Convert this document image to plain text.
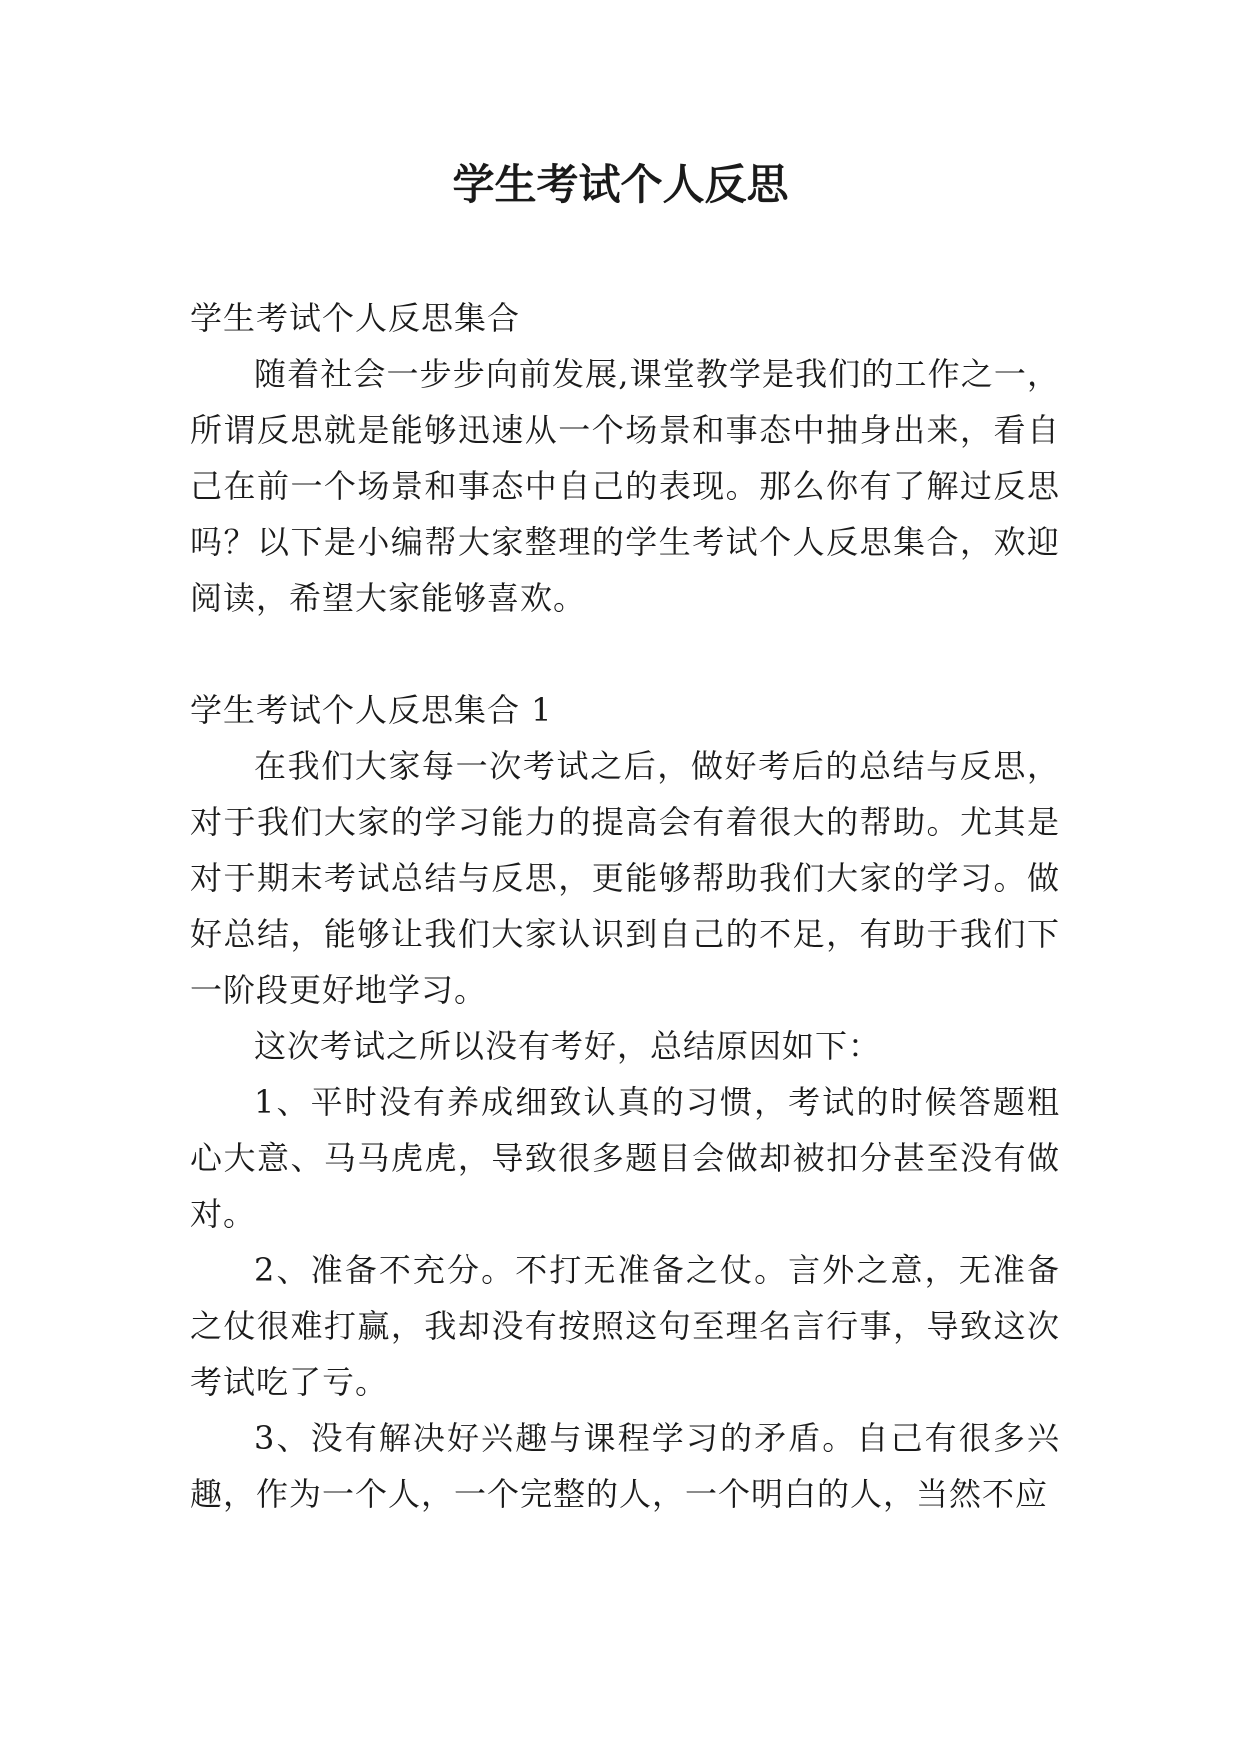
学生考试个人反思

学生考试个人反思集合

随着社会一步步向前发展,课堂教学是我们的工作之一，所谓反思就是能够迅速从一个场景和事态中抽身出来，看自己在前一个场景和事态中自己的表现。那么你有了解过反思吗？以下是小编帮大家整理的学生考试个人反思集合，欢迎阅读，希望大家能够喜欢。

学生考试个人反思集合 1

在我们大家每一次考试之后，做好考后的总结与反思，对于我们大家的学习能力的提高会有着很大的帮助。尤其是对于期末考试总结与反思，更能够帮助我们大家的学习。做好总结，能够让我们大家认识到自己的不足，有助于我们下一阶段更好地学习。

这次考试之所以没有考好，总结原因如下：

1、平时没有养成细致认真的习惯，考试的时候答题粗心大意、马马虎虎，导致很多题目会做却被扣分甚至没有做对。

2、准备不充分。不打无准备之仗。言外之意，无准备之仗很难打赢，我却没有按照这句至理名言行事，导致这次考试吃了亏。

3、没有解决好兴趣与课程学习的矛盾。自己有很多兴趣，作为一个人，一个完整的人，一个明白的人，当然不应
